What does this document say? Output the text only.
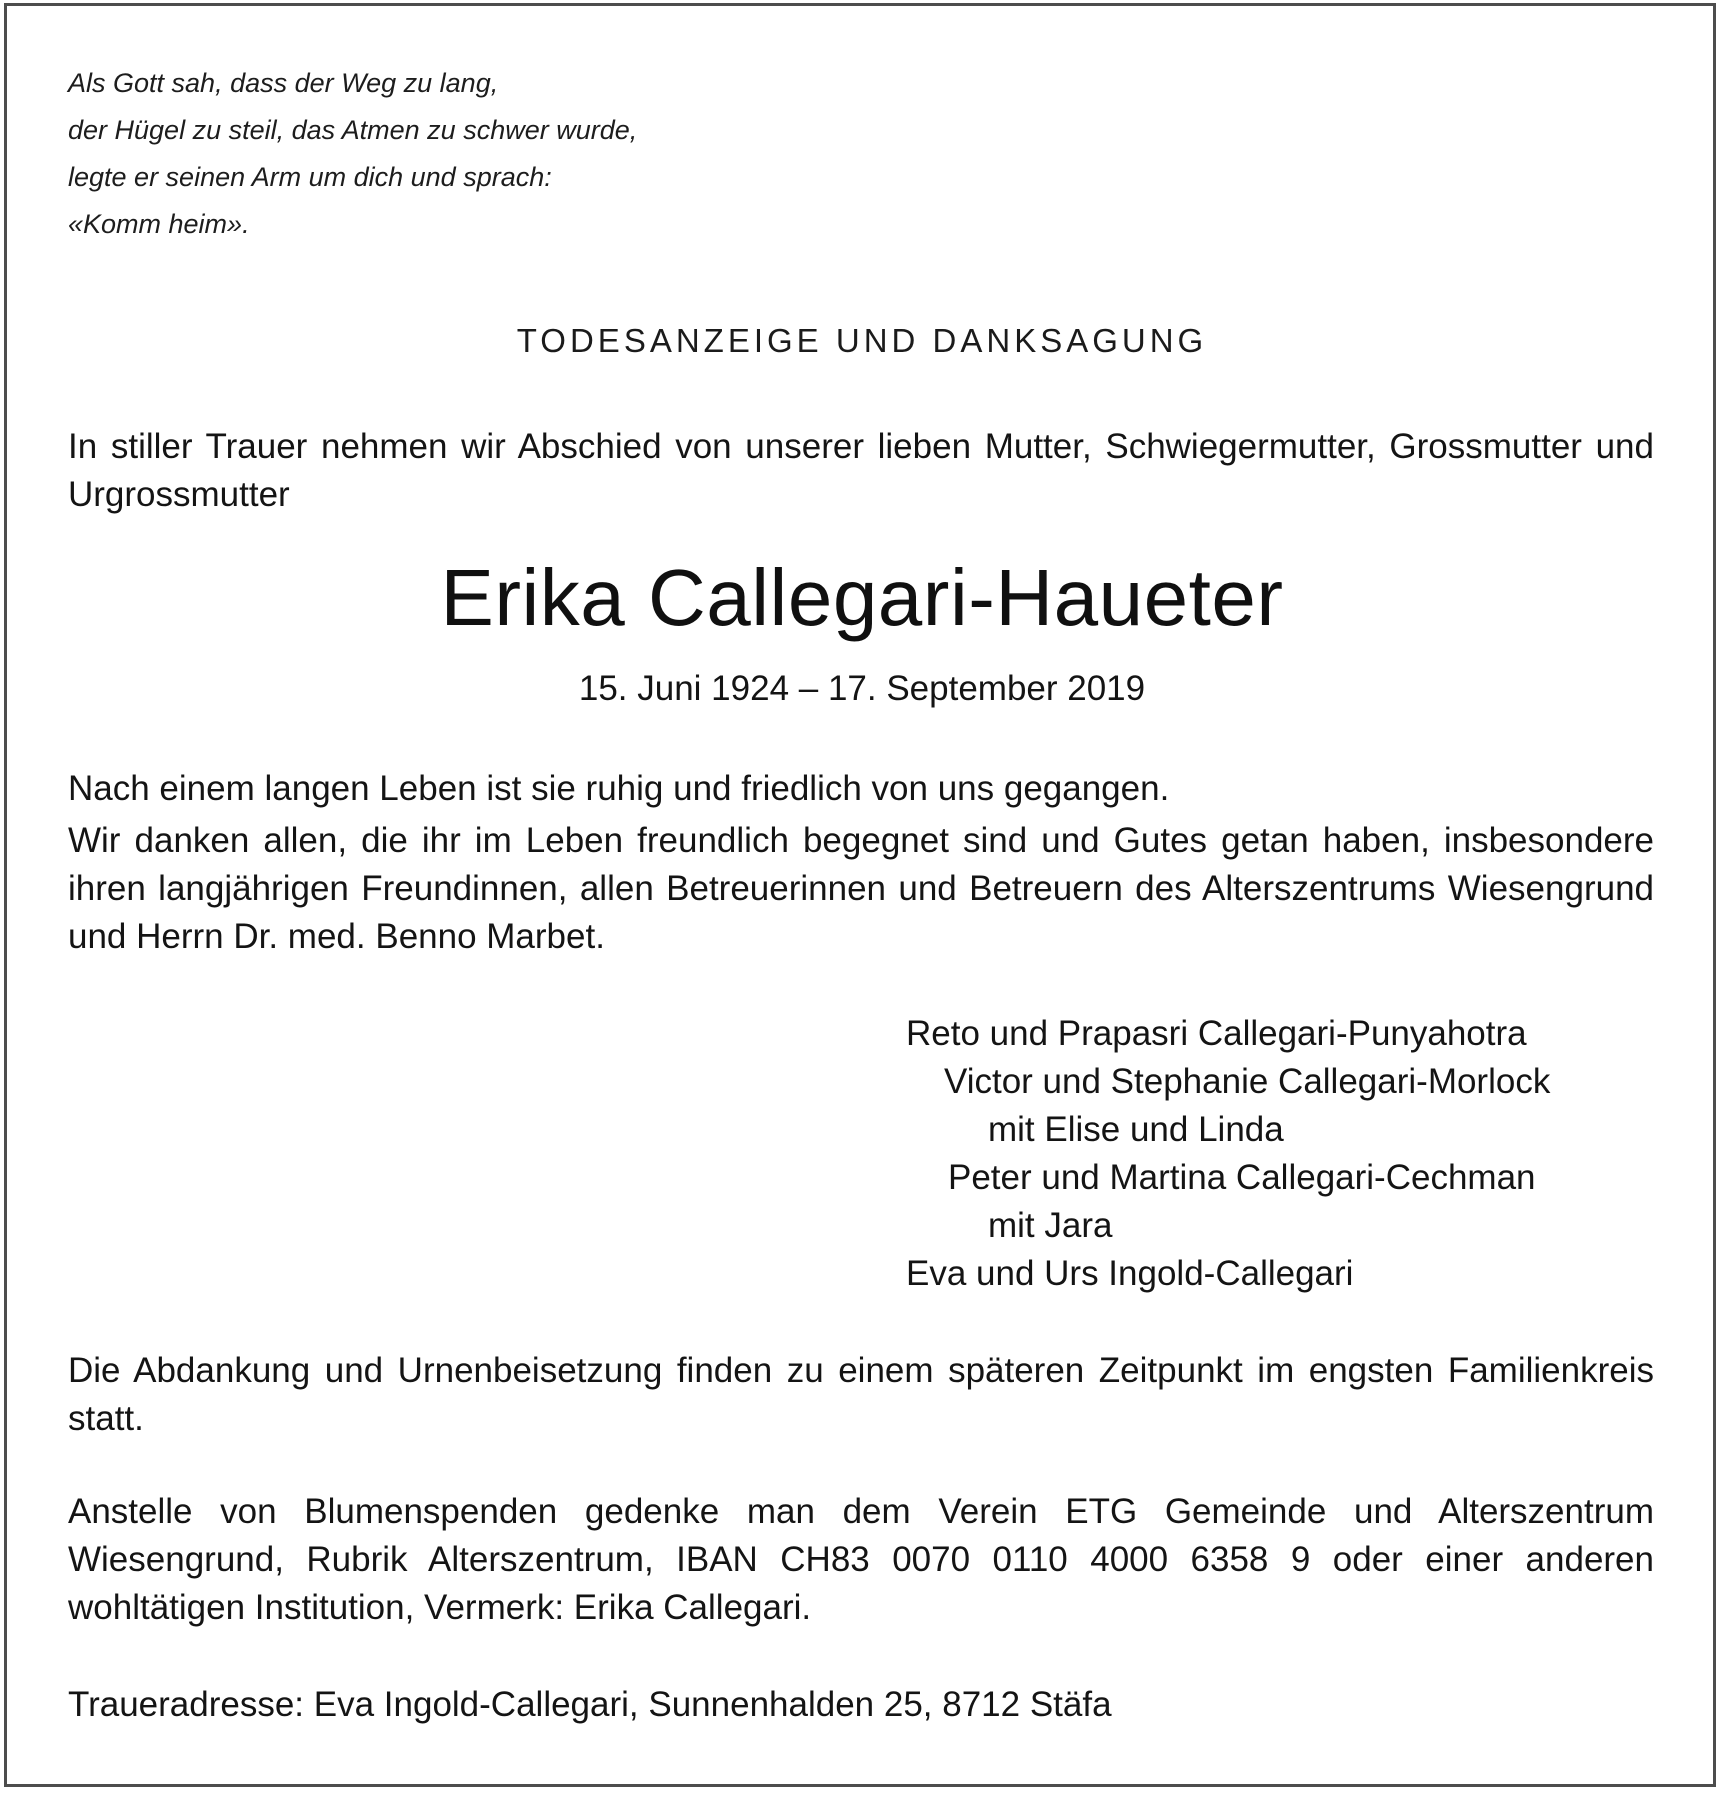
Als Gott sah, dass der Weg zu lang,
der Hügel zu steil, das Atmen zu schwer wurde,
legte er seinen Arm um dich und sprach:
«Komm heim».
TODESANZEIGE UND DANKSAGUNG

In stiller Trauer nehmen wir Abschied von unserer lieben Mutter, Schwiegermutter, Grossmutter und Urgrossmutter

Erika Callegari-Haueter
15. Juni 1924 – 17. September 2019

Nach einem langen Leben ist sie ruhig und friedlich von uns gegangen.

Wir danken allen, die ihr im Leben freundlich begegnet sind und Gutes getan haben, insbesondere ihren langjährigen Freundinnen, allen Betreuerinnen und Betreuern des Alterszentrums Wiesengrund und Herrn Dr. med. Benno Marbet.

Reto und Prapasri Callegari-Punyahotra
Victor und Stephanie Callegari-Morlock
mit Elise und Linda
Peter und Martina Callegari-Cechman
mit Jara
Eva und Urs Ingold-Callegari

Die Abdankung und Urnenbeisetzung finden zu einem späteren Zeitpunkt im engsten Familienkreis statt.

Anstelle von Blumenspenden gedenke man dem Verein ETG Gemeinde und Alterszentrum Wiesengrund, Rubrik Alterszentrum, IBAN CH83 0070 0110 4000 6358 9 oder einer anderen wohltätigen Institution, Vermerk: Erika Callegari.

Traueradresse: Eva Ingold-Callegari, Sunnenhalden 25, 8712 Stäfa
